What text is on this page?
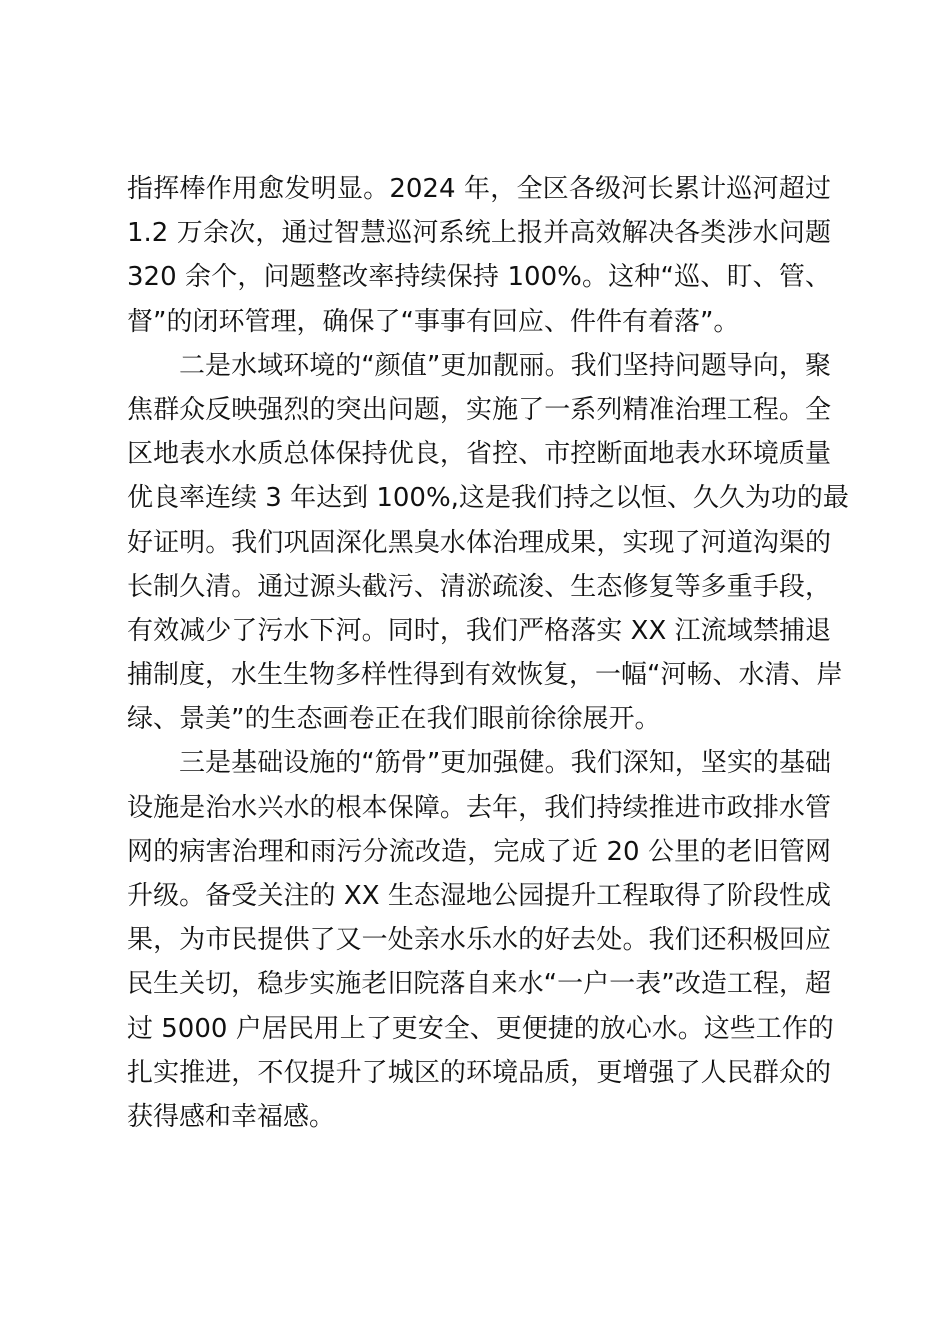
指挥棒作用愈发明显。2024 年，全区各级河长累计巡河超过
1.2 万余次，通过智慧巡河系统上报并高效解决各类涉水问题
320 余个，问题整改率持续保持 100%。这种“巡、盯、管、
督”的闭环管理，确保了“事事有回应、件件有着落”。
二是水域环境的“颜值”更加靓丽。我们坚持问题导向，聚
焦群众反映强烈的突出问题，实施了一系列精准治理工程。全
区地表水水质总体保持优良，省控、市控断面地表水环境质量
优良率连续 3 年达到 100%,这是我们持之以恒、久久为功的最
好证明。我们巩固深化黑臭水体治理成果，实现了河道沟渠的
长制久清。通过源头截污、清淤疏浚、生态修复等多重手段，
有效减少了污水下河。同时，我们严格落实 XX 江流域禁捕退
捕制度，水生生物多样性得到有效恢复，一幅“河畅、水清、岸
绿、景美”的生态画卷正在我们眼前徐徐展开。
三是基础设施的“筋骨”更加强健。我们深知，坚实的基础
设施是治水兴水的根本保障。去年，我们持续推进市政排水管
网的病害治理和雨污分流改造，完成了近 20 公里的老旧管网
升级。备受关注的 XX 生态湿地公园提升工程取得了阶段性成
果，为市民提供了又一处亲水乐水的好去处。我们还积极回应
民生关切，稳步实施老旧院落自来水“一户一表”改造工程，超
过 5000 户居民用上了更安全、更便捷的放心水。这些工作的
扎实推进，不仅提升了城区的环境品质，更增强了人民群众的
获得感和幸福感。
